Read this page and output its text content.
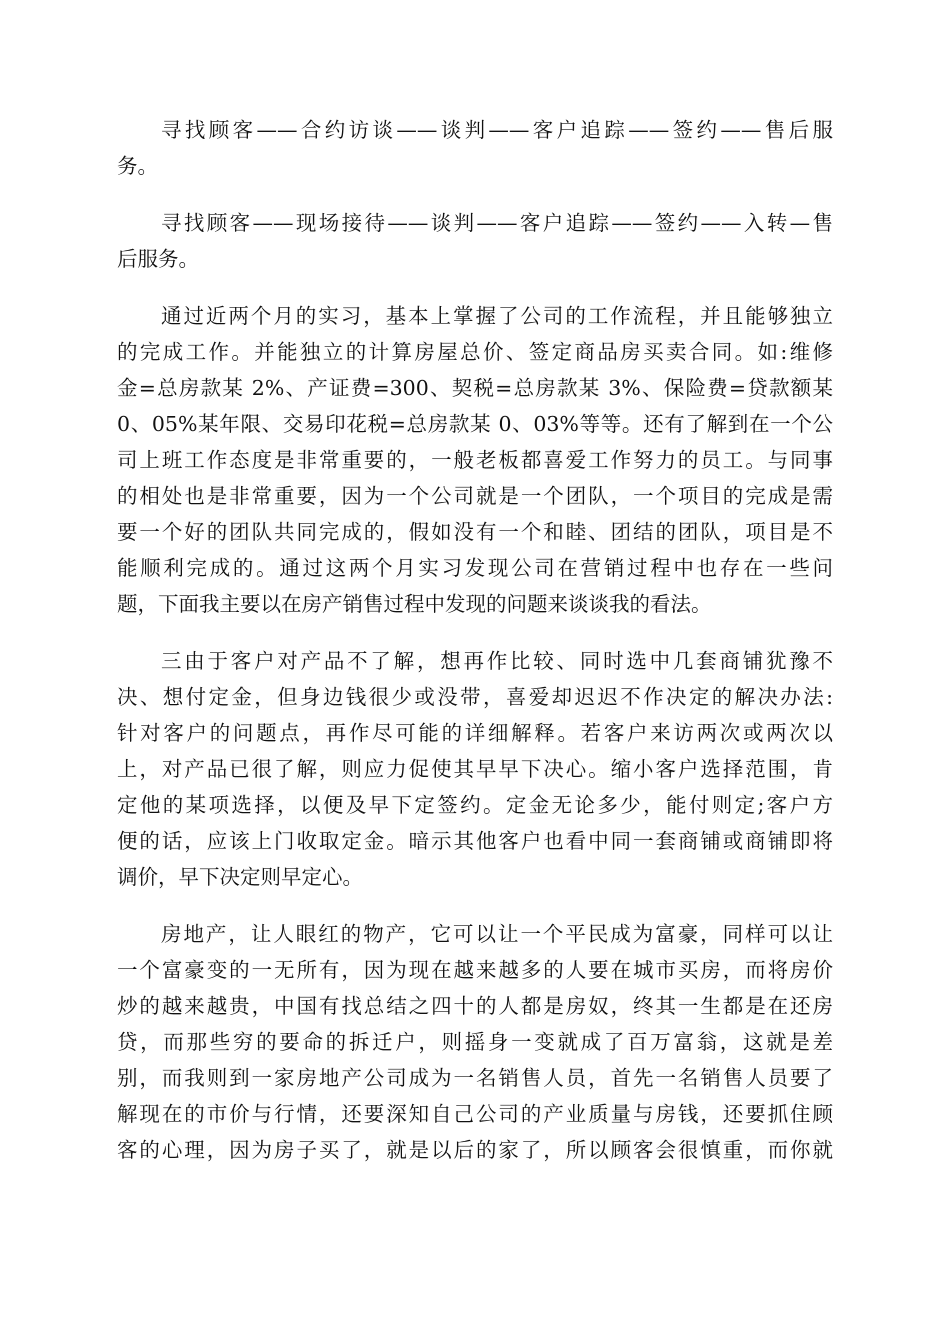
寻找顾客——合约访谈——谈判——客户追踪——签约——售后服
务。
寻找顾客——现场接待——谈判——客户追踪——签约——入转—售
后服务。
通过近两个月的实习，基本上掌握了公司的工作流程，并且能够独立
的完成工作。并能独立的计算房屋总价、签定商品房买卖合同。如:维修
金=总房款某 2%、产证费=300、契税=总房款某 3%、保险费=贷款额某
0、05%某年限、交易印花税=总房款某 0、03%等等。还有了解到在一个公
司上班工作态度是非常重要的，一般老板都喜爱工作努力的员工。与同事
的相处也是非常重要，因为一个公司就是一个团队，一个项目的完成是需
要一个好的团队共同完成的，假如没有一个和睦、团结的团队，项目是不
能顺利完成的。通过这两个月实习发现公司在营销过程中也存在一些问
题，下面我主要以在房产销售过程中发现的问题来谈谈我的看法。
三由于客户对产品不了解，想再作比较、同时选中几套商铺犹豫不
决、想付定金，但身边钱很少或没带，喜爱却迟迟不作决定的解决办法:
针对客户的问题点，再作尽可能的详细解释。若客户来访两次或两次以
上，对产品已很了解，则应力促使其早早下决心。缩小客户选择范围，肯
定他的某项选择，以便及早下定签约。定金无论多少，能付则定;客户方
便的话，应该上门收取定金。暗示其他客户也看中同一套商铺或商铺即将
调价，早下决定则早定心。
房地产，让人眼红的物产，它可以让一个平民成为富豪，同样可以让
一个富豪变的一无所有，因为现在越来越多的人要在城市买房，而将房价
炒的越来越贵，中国有找总结之四十的人都是房奴，终其一生都是在还房
贷，而那些穷的要命的拆迁户，则摇身一变就成了百万富翁，这就是差
别，而我则到一家房地产公司成为一名销售人员，首先一名销售人员要了
解现在的市价与行情，还要深知自己公司的产业质量与房钱，还要抓住顾
客的心理，因为房子买了，就是以后的家了，所以顾客会很慎重，而你就
